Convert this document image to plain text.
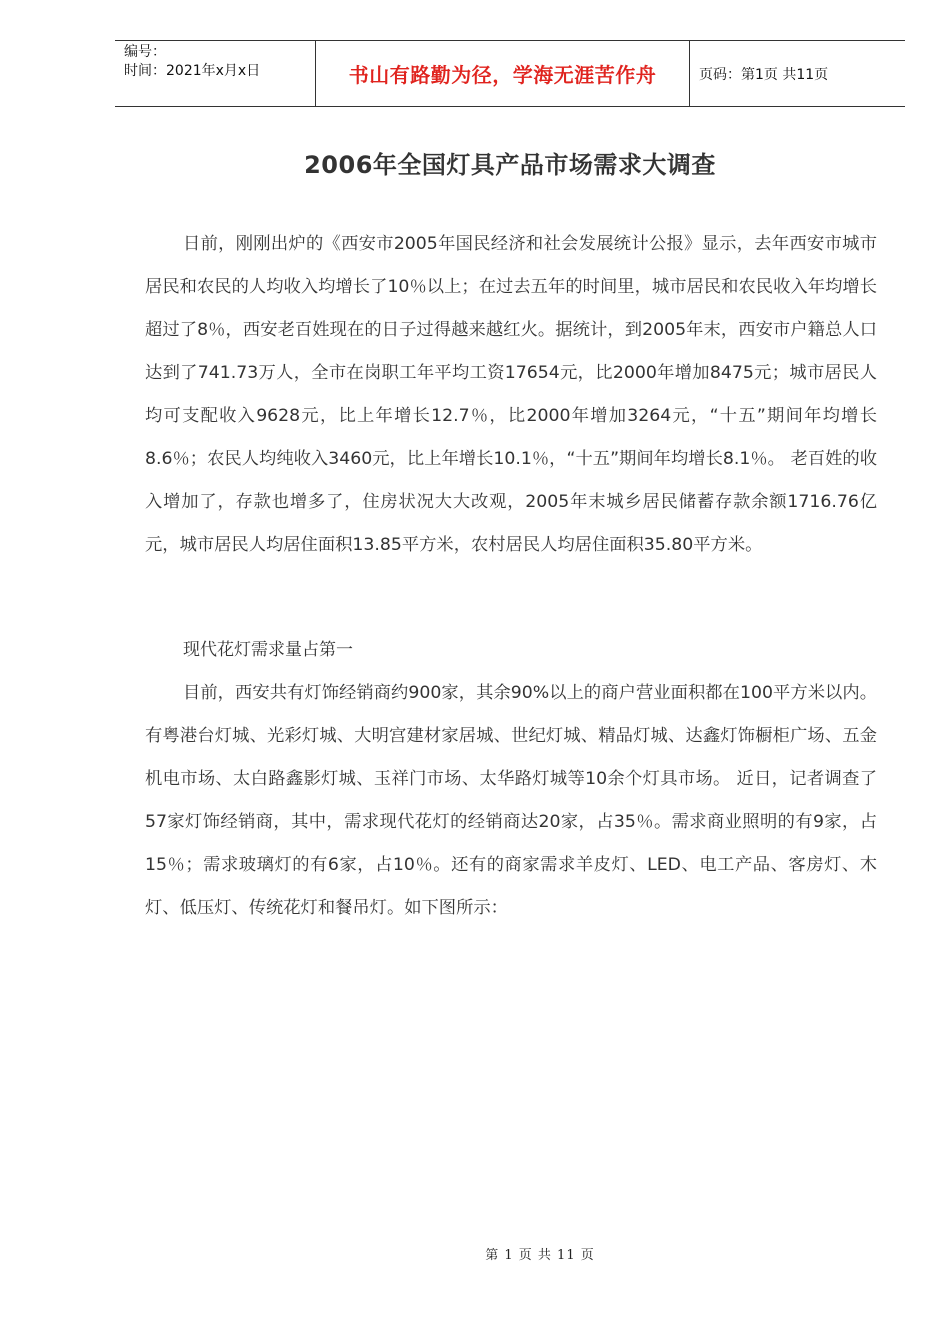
编号：
时间：2021年x月x日	书山有路勤为径，学海无涯苦作舟	页码：第1页 共11页
2006年全国灯具产品市场需求大调查
日前，刚刚出炉的《西安市2005年国民经济和社会发展统计公报》显示，去年西安市城市居民和农民的人均收入均增长了10％以上；在过去五年的时间里，城市居民和农民收入年均增长超过了8％，西安老百姓现在的日子过得越来越红火。据统计，到2005年末，西安市户籍总人口达到了741.73万人，全市在岗职工年平均工资17654元，比2000年增加8475元；城市居民人均可支配收入9628元，比上年增长12.7％，比2000年增加3264元，“十五”期间年均增长8.6％；农民人均纯收入3460元，比上年增长10.1％，“十五”期间年均增长8.1％。 老百姓的收入增加了，存款也增多了，住房状况大大改观，2005年末城乡居民储蓄存款余额1716.76亿元，城市居民人均居住面积13.85平方米，农村居民人均居住面积35.80平方米。
现代花灯需求量占第一
目前，西安共有灯饰经销商约900家，其余90%以上的商户营业面积都在100平方米以内。有粤港台灯城、光彩灯城、大明宫建材家居城、世纪灯城、精品灯城、达鑫灯饰橱柜广场、五金机电市场、太白路鑫影灯城、玉祥门市场、太华路灯城等10余个灯具市场。 近日，记者调查了57家灯饰经销商，其中，需求现代花灯的经销商达20家，占35％。需求商业照明的有9家，占15％；需求玻璃灯的有6家，占10％。还有的商家需求羊皮灯、LED、电工产品、客房灯、木灯、低压灯、传统花灯和餐吊灯。如下图所示：
第 1 页 共 11 页
